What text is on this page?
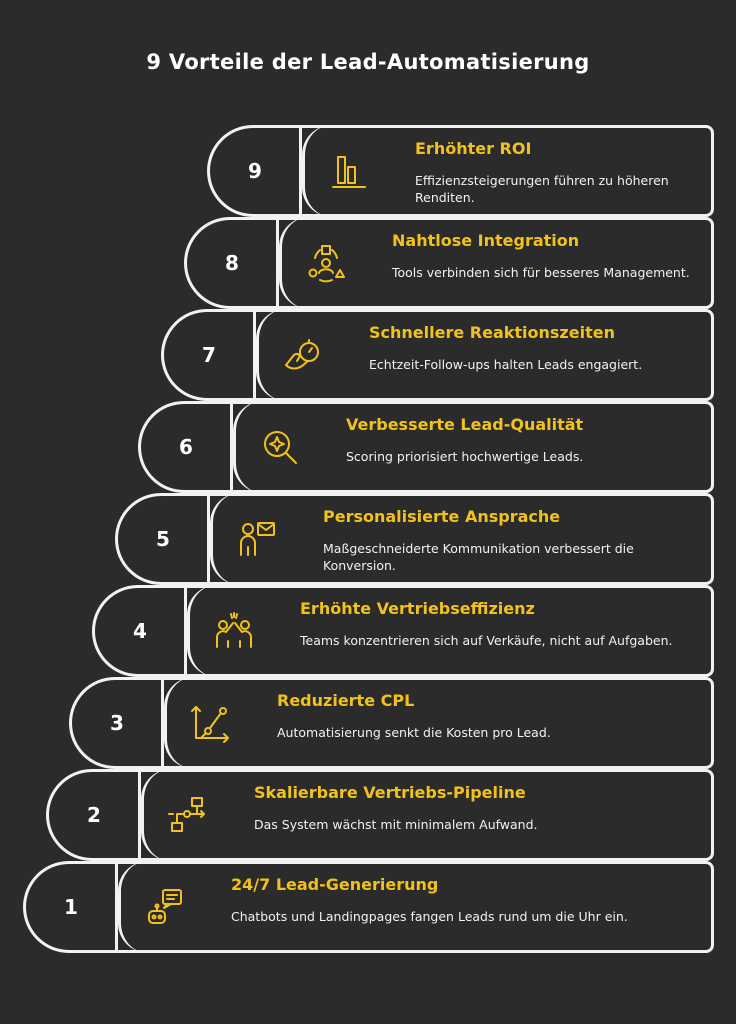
9 Vorteile der Lead-Automatisierung
9
Erhöhter ROI
Effizienzsteigerungen führen zu höheren Renditen.
8
Nahtlose Integration
Tools verbinden sich für besseres Management.
7
Schnellere Reaktionszeiten
Echtzeit-Follow-ups halten Leads engagiert.
6
Verbesserte Lead-Qualität
Scoring priorisiert hochwertige Leads.
5
Personalisierte Ansprache
Maßgeschneiderte Kommunikation verbessert die Konversion.
4
Erhöhte Vertriebseffizienz
Teams konzentrieren sich auf Verkäufe, nicht auf Aufgaben.
3
Reduzierte CPL
Automatisierung senkt die Kosten pro Lead.
2
Skalierbare Vertriebs-Pipeline
Das System wächst mit minimalem Aufwand.
1
24/7 Lead-Generierung
Chatbots und Landingpages fangen Leads rund um die Uhr ein.
